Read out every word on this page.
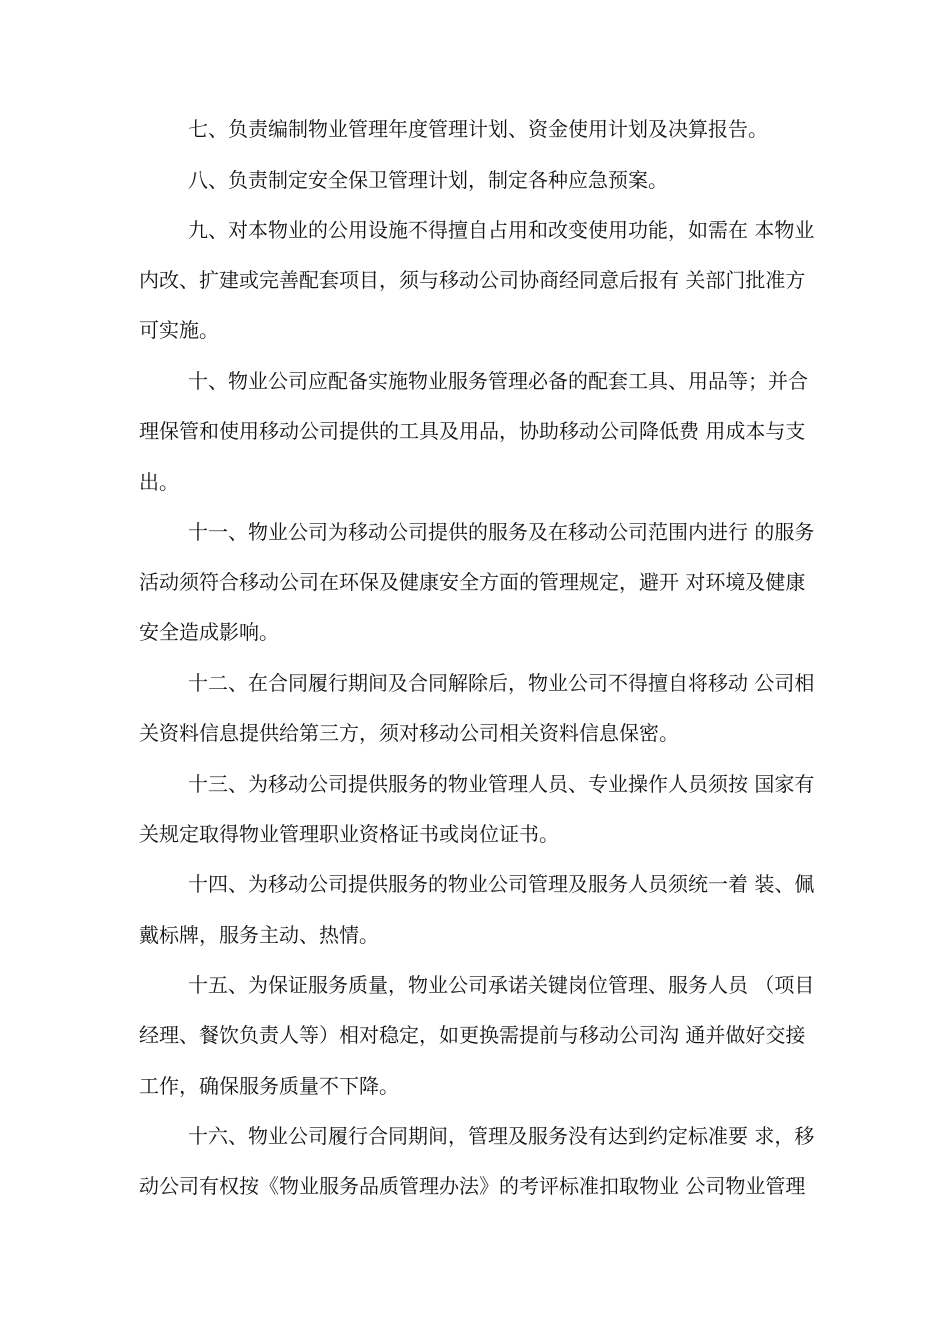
七、负责编制物业管理年度管理计划、资金使用计划及决算报告。

八、负责制定安全保卫管理计划，制定各种应急预案。

九、对本物业的公用设施不得擅自占用和改变使用功能，如需在 本物业

内改、扩建或完善配套项目，须与移动公司协商经同意后报有 关部门批准方

可实施。

十、物业公司应配备实施物业服务管理必备的配套工具、用品等；并合

理保管和使用移动公司提供的工具及用品，协助移动公司降低费 用成本与支

出。

十一、物业公司为移动公司提供的服务及在移动公司范围内进行 的服务

活动须符合移动公司在环保及健康安全方面的管理规定，避开 对环境及健康

安全造成影响。

十二、在合同履行期间及合同解除后，物业公司不得擅自将移动 公司相

关资料信息提供给第三方，须对移动公司相关资料信息保密。

十三、为移动公司提供服务的物业管理人员、专业操作人员须按 国家有

关规定取得物业管理职业资格证书或岗位证书。

十四、为移动公司提供服务的物业公司管理及服务人员须统一着 装、佩

戴标牌，服务主动、热情。

十五、为保证服务质量，物业公司承诺关键岗位管理、服务人员 （项目

经理、餐饮负责人等）相对稳定，如更换需提前与移动公司沟 通并做好交接

工作，确保服务质量不下降。

十六、物业公司履行合同期间，管理及服务没有达到约定标准要 求，移

动公司有权按《物业服务品质管理办法》的考评标准扣取物业 公司物业管理
